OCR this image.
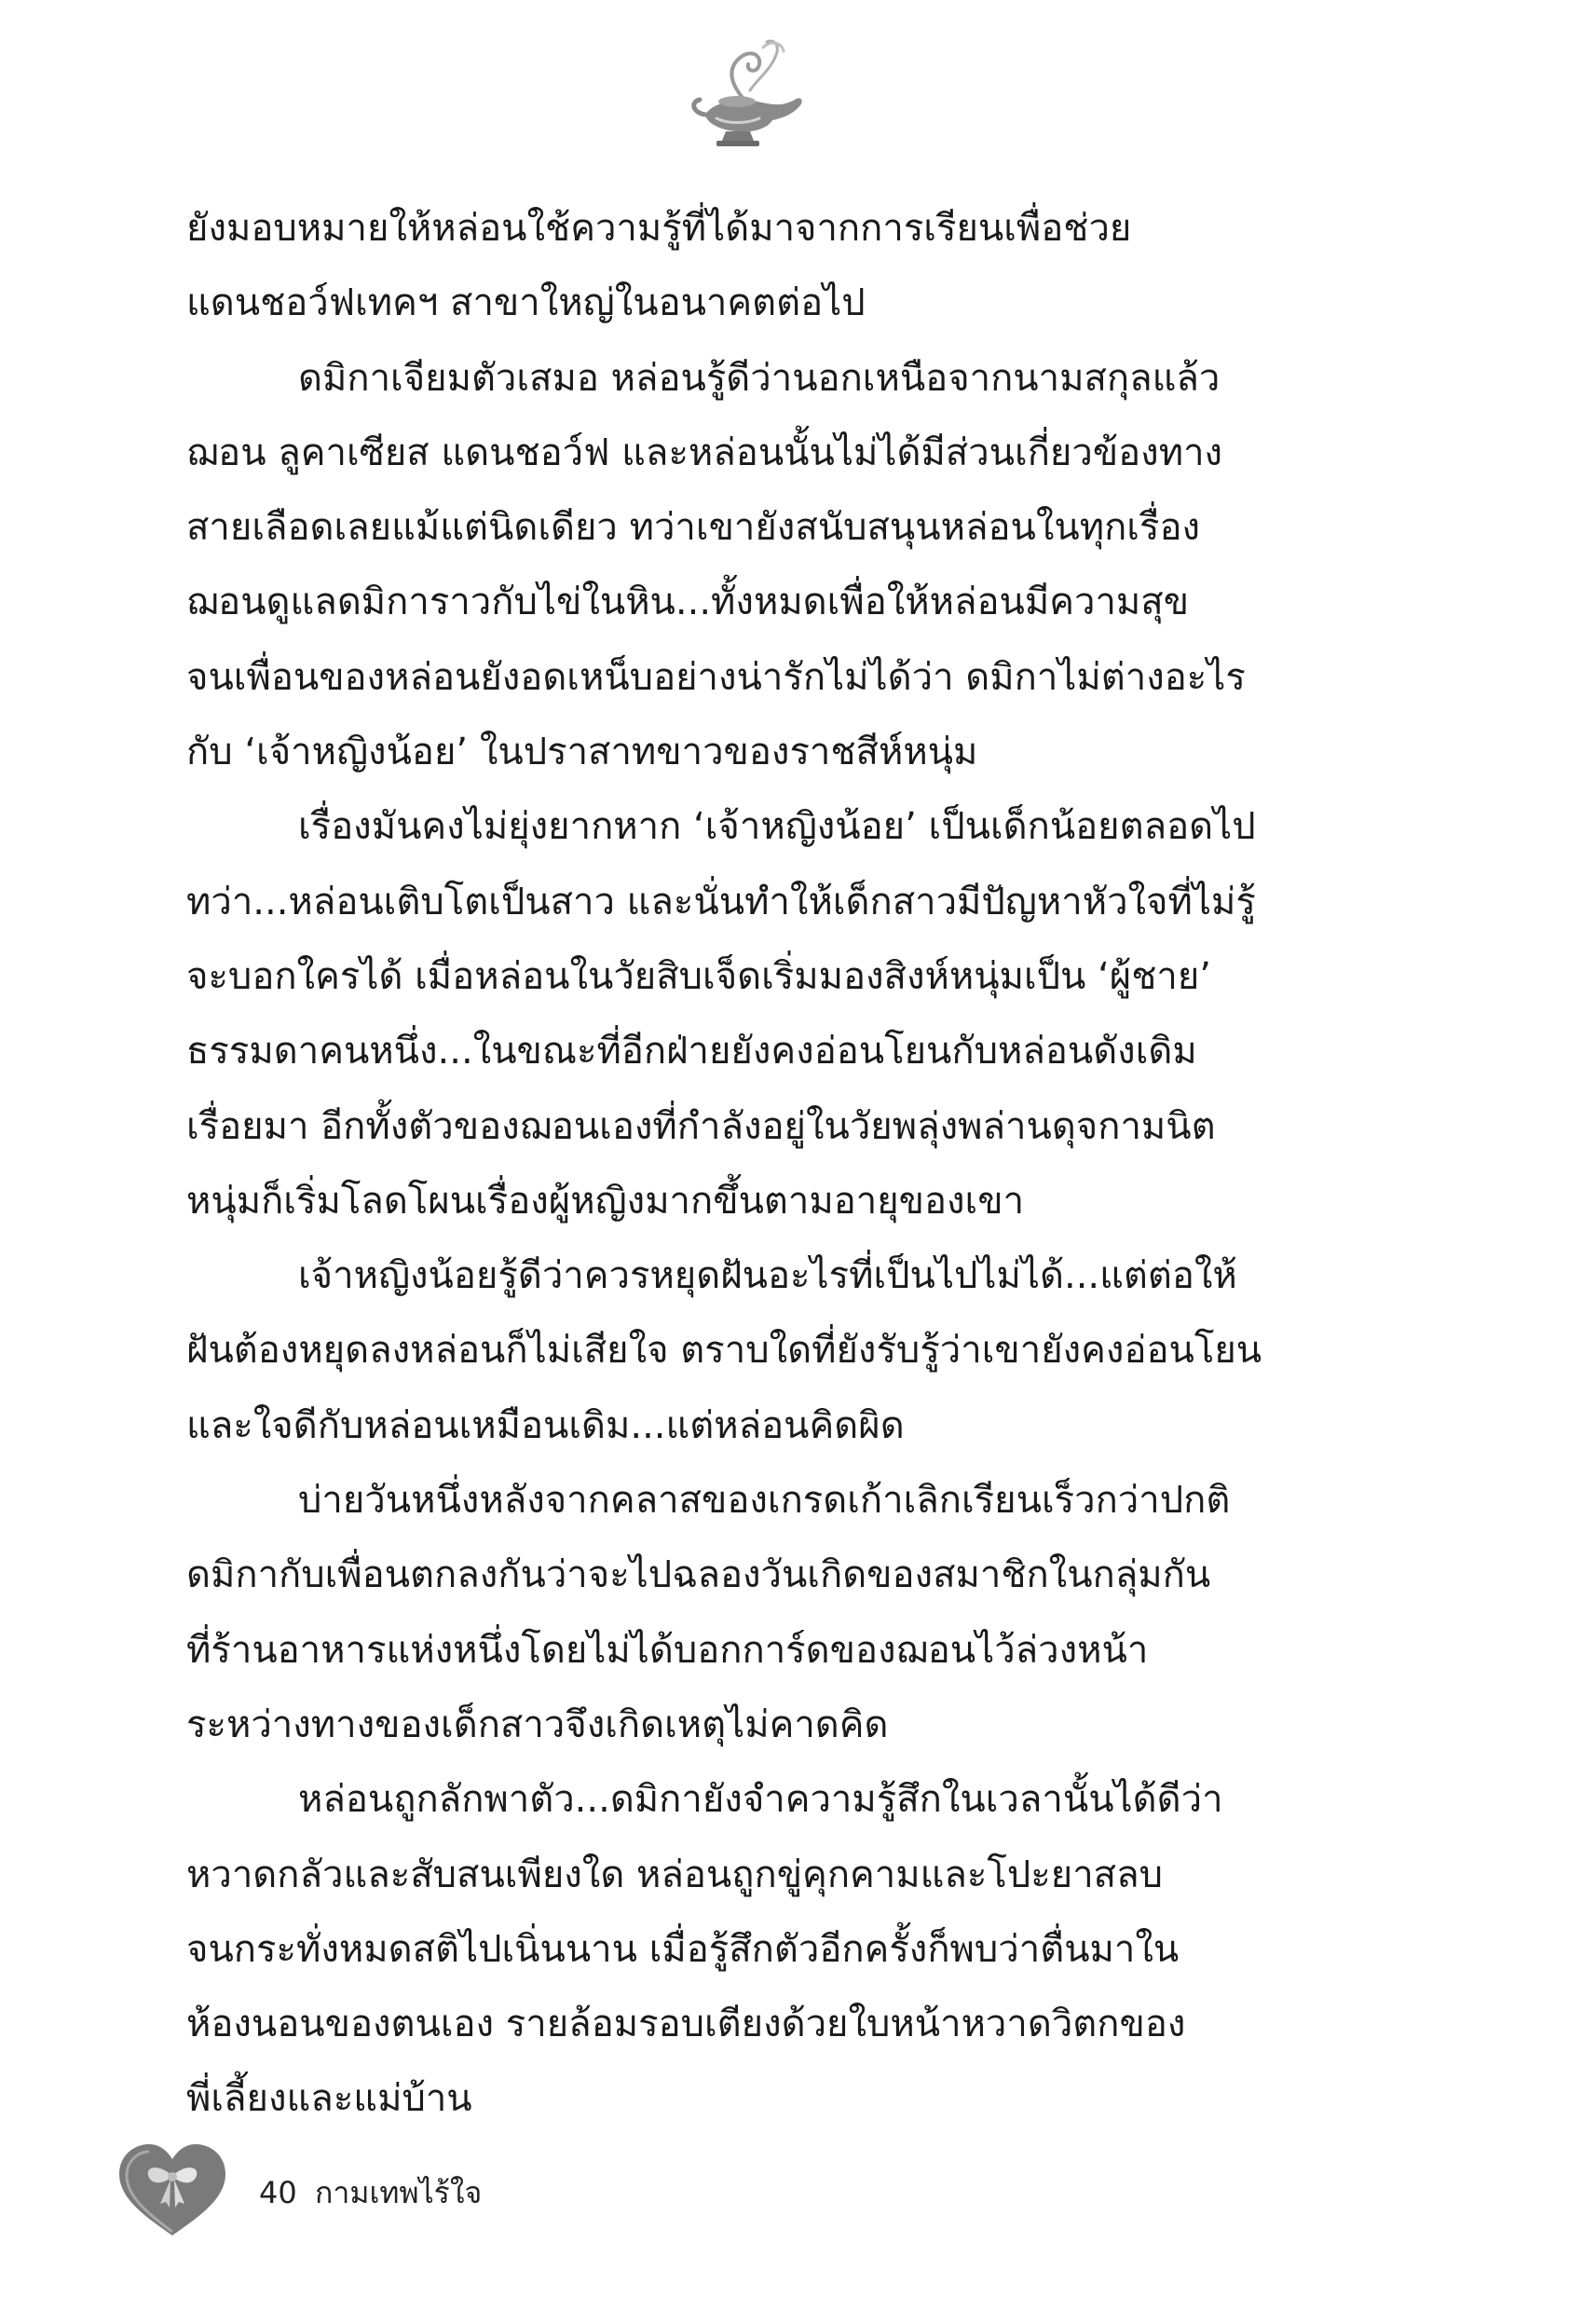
ยังมอบหมายให้หล่อนใช้ความรู้ที่ได้มาจากการเรียนเพื่อช่วย
แดนชอว์ฟเทคฯ สาขาใหญ่ในอนาคตต่อไป
ดมิกาเจียมตัวเสมอ หล่อนรู้ดีว่านอกเหนือจากนามสกุลแล้ว
ฌอน ลูคาเซียส แดนชอว์ฟ และหล่อนนั้นไม่ได้มีส่วนเกี่ยวข้องทาง
สายเลือดเลยแม้แต่นิดเดียว ทว่าเขายังสนับสนุนหล่อนในทุกเรื่อง
ฌอนดูแลดมิการาวกับไข่ในหิน...ทั้งหมดเพื่อให้หล่อนมีความสุข
จนเพื่อนของหล่อนยังอดเหน็บอย่างน่ารักไม่ได้ว่า ดมิกาไม่ต่างอะไร
กับ ‘เจ้าหญิงน้อย’ ในปราสาทขาวของราชสีห์หนุ่ม
เรื่องมันคงไม่ยุ่งยากหาก ‘เจ้าหญิงน้อย’ เป็นเด็กน้อยตลอดไป
ทว่า...หล่อนเติบโตเป็นสาว และนั่นทำให้เด็กสาวมีปัญหาหัวใจที่ไม่รู้
จะบอกใครได้ เมื่อหล่อนในวัยสิบเจ็ดเริ่มมองสิงห์หนุ่มเป็น ‘ผู้ชาย’
ธรรมดาคนหนึ่ง...ในขณะที่อีกฝ่ายยังคงอ่อนโยนกับหล่อนดังเดิม
เรื่อยมา อีกทั้งตัวของฌอนเองที่กำลังอยู่ในวัยพลุ่งพล่านดุจกามนิต
หนุ่มก็เริ่มโลดโผนเรื่องผู้หญิงมากขึ้นตามอายุของเขา
เจ้าหญิงน้อยรู้ดีว่าควรหยุดฝันอะไรที่เป็นไปไม่ได้...แต่ต่อให้
ฝันต้องหยุดลงหล่อนก็ไม่เสียใจ ตราบใดที่ยังรับรู้ว่าเขายังคงอ่อนโยน
และใจดีกับหล่อนเหมือนเดิม...แต่หล่อนคิดผิด
บ่ายวันหนึ่งหลังจากคลาสของเกรดเก้าเลิกเรียนเร็วกว่าปกติ
ดมิกากับเพื่อนตกลงกันว่าจะไปฉลองวันเกิดของสมาชิกในกลุ่มกัน
ที่ร้านอาหารแห่งหนึ่งโดยไม่ได้บอกการ์ดของฌอนไว้ล่วงหน้า
ระหว่างทางของเด็กสาวจึงเกิดเหตุไม่คาดคิด
หล่อนถูกลักพาตัว...ดมิกายังจำความรู้สึกในเวลานั้นได้ดีว่า
หวาดกลัวและสับสนเพียงใด หล่อนถูกขู่คุกคามและโปะยาสลบ
จนกระทั่งหมดสติไปเนิ่นนาน เมื่อรู้สึกตัวอีกครั้งก็พบว่าตื่นมาใน
ห้องนอนของตนเอง รายล้อมรอบเตียงด้วยใบหน้าหวาดวิตกของ
พี่เลี้ยงและแม่บ้าน
40 กามเทพไร้ใจ
